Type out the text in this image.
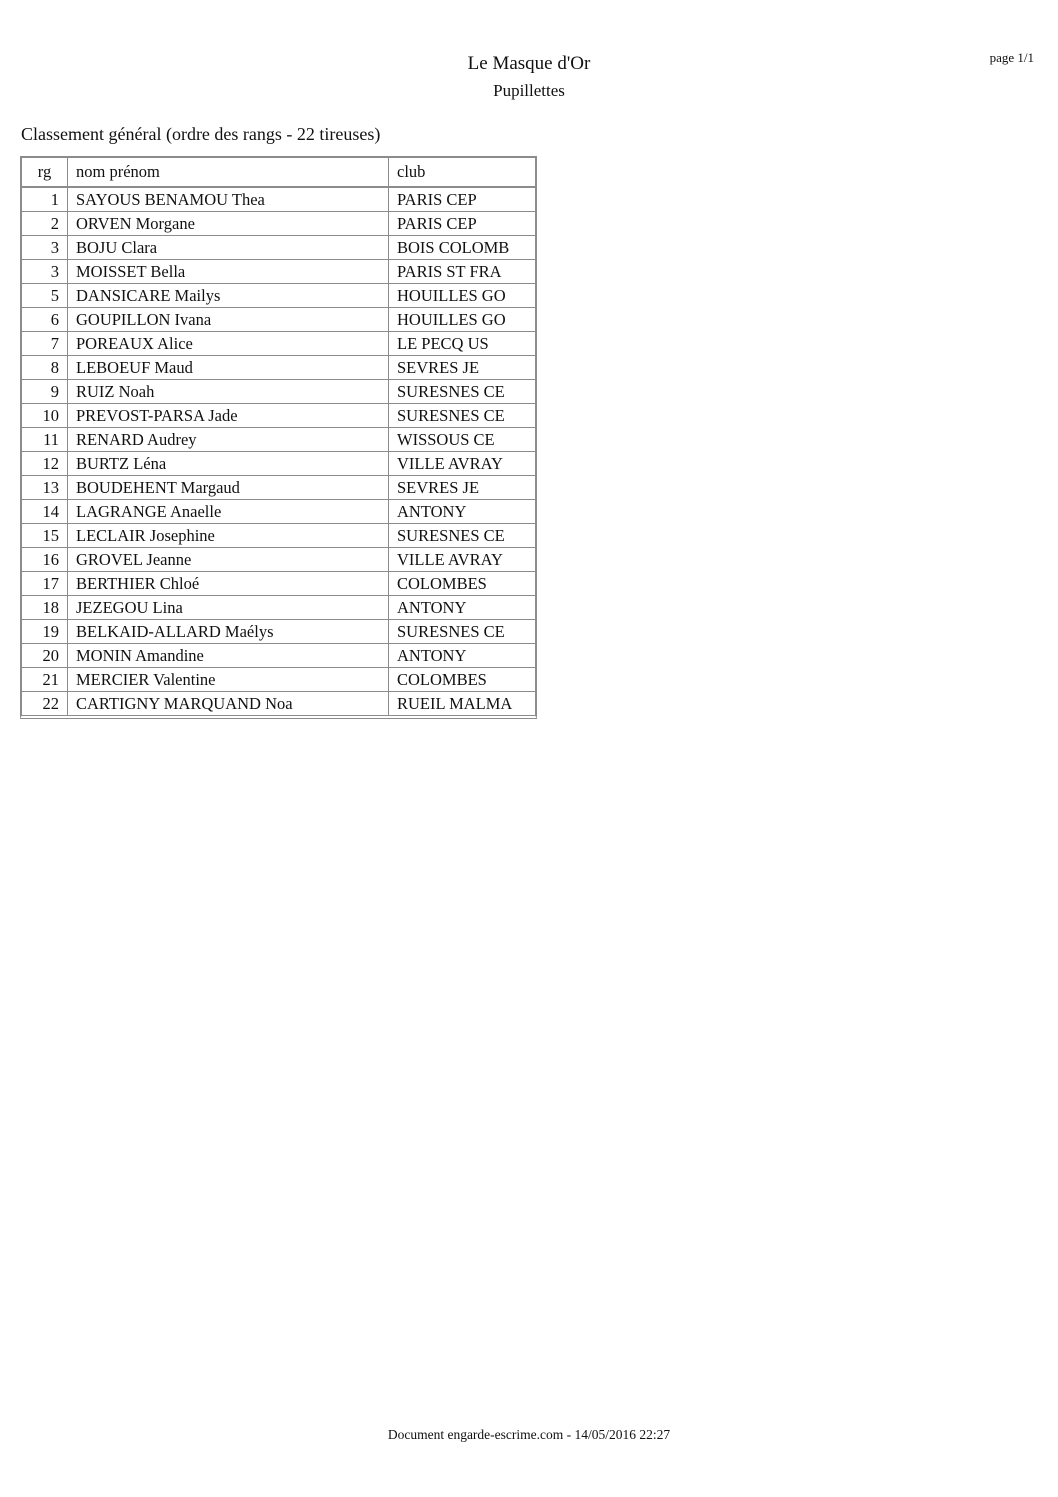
page 1/1
Le Masque d'Or
Pupillettes
Classement général (ordre des rangs - 22 tireuses)
rg	nom prénom	club
1	SAYOUS BENAMOU Thea	PARIS CEP
2	ORVEN Morgane	PARIS CEP
3	BOJU Clara	BOIS COLOMB
3	MOISSET Bella	PARIS ST FRA
5	DANSICARE Mailys	HOUILLES GO
6	GOUPILLON Ivana	HOUILLES GO
7	POREAUX Alice	LE PECQ US
8	LEBOEUF Maud	SEVRES JE
9	RUIZ Noah	SURESNES CE
10	PREVOST-PARSA Jade	SURESNES CE
11	RENARD Audrey	WISSOUS CE
12	BURTZ Léna	VILLE AVRAY
13	BOUDEHENT Margaud	SEVRES JE
14	LAGRANGE Anaelle	ANTONY
15	LECLAIR Josephine	SURESNES CE
16	GROVEL Jeanne	VILLE AVRAY
17	BERTHIER Chloé	COLOMBES
18	JEZEGOU Lina	ANTONY
19	BELKAID-ALLARD Maélys	SURESNES CE
20	MONIN Amandine	ANTONY
21	MERCIER Valentine	COLOMBES
22	CARTIGNY MARQUAND Noa	RUEIL MALMA
Document engarde-escrime.com - 14/05/2016 22:27
